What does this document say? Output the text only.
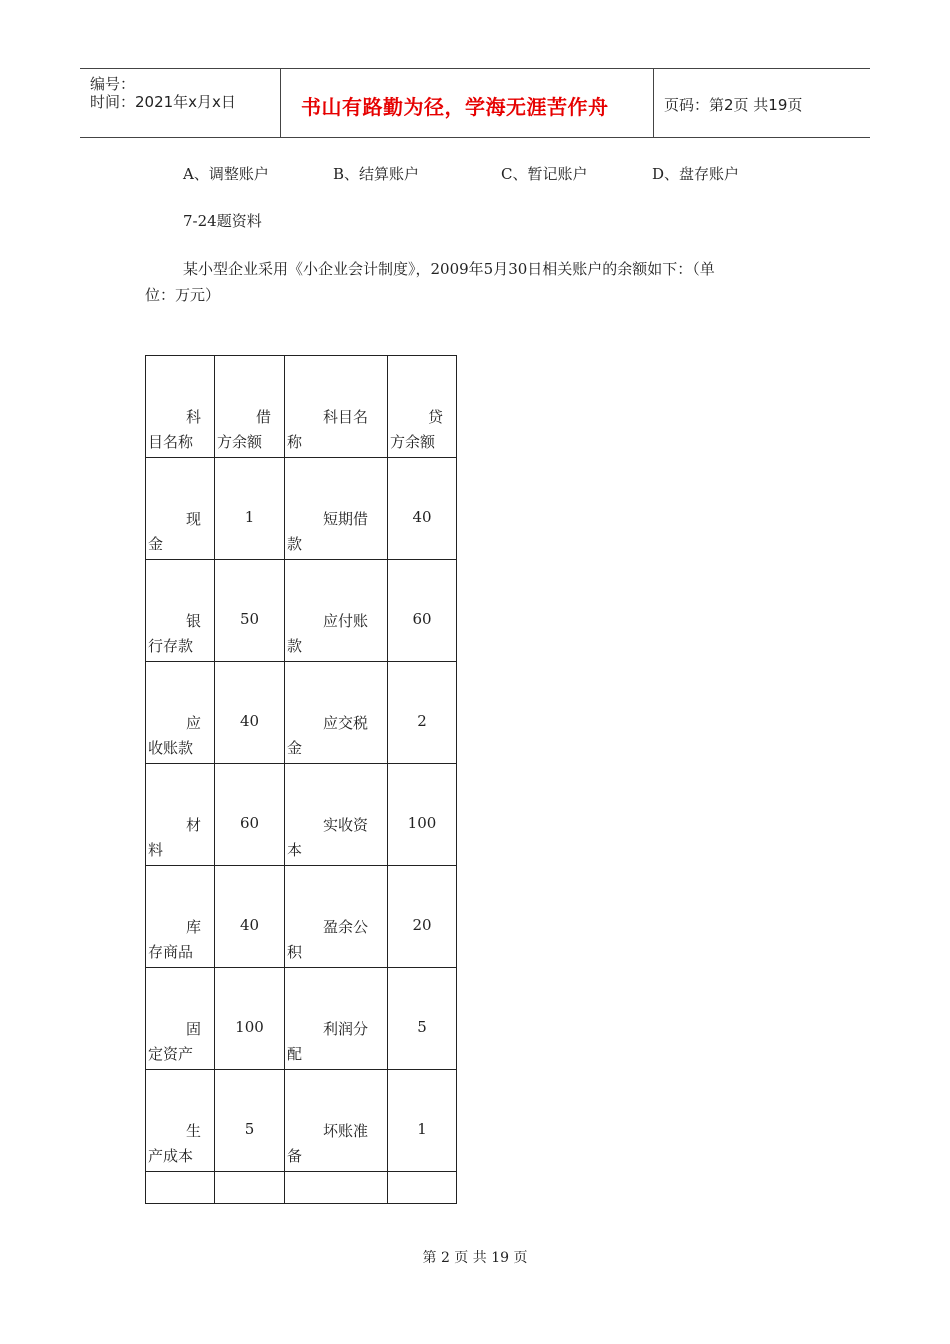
编号：
时间：2021年x月x日	书山有路勤为径，学海无涯苦作舟	页码：第2页 共19页
A、调整账户	B、结算账户	C、暂记账户	D、盘存账户
7-24题资料
某小型企业采用《小企业会计制度》，2009年5月30日相关账户的余额如下：（单
位：万元）
科
目名称	借
方余额	科目名
称	贷
方余额

现
金	1	短期借
款	40

银
行存款	50	应付账
款	60

应
收账款	40	应交税
金	2

材
料	60	实收资
本	100

库
存商品	40	盈余公
积	20

固
定资产	100	利润分
配	5

生
产成本	5	坏账准
备	1

第 2 页 共 19 页
